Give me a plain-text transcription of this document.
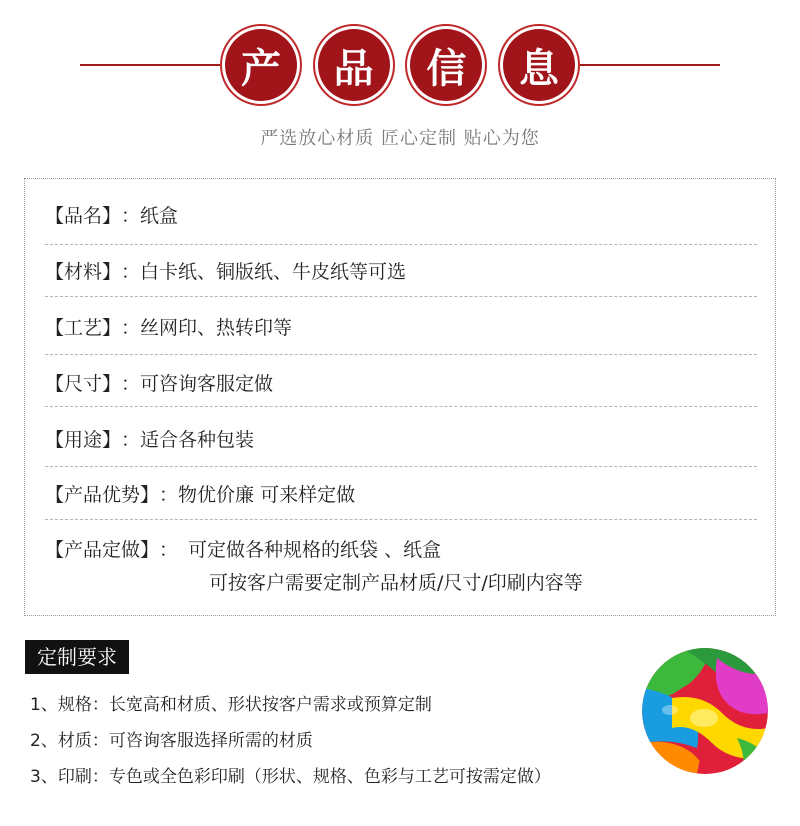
产	品	信	息
严选放心材质 匠心定制 贴心为您
【品名】：纸盒
【材料】：白卡纸、铜版纸、牛皮纸等可选
【工艺】：丝网印、热转印等
【尺寸】：可咨询客服定做
【用途】：适合各种包装
【产品优势】：物优价廉 可来样定做
【产品定做】： 可定做各种规格的纸袋 、纸盒
可按客户需要定制产品材质/尺寸/印刷内容等
定制要求
1、规格：长宽高和材质、形状按客户需求或预算定制
2、材质：可咨询客服选择所需的材质
3、印刷：专色或全色彩印刷（形状、规格、色彩与工艺可按需定做）
